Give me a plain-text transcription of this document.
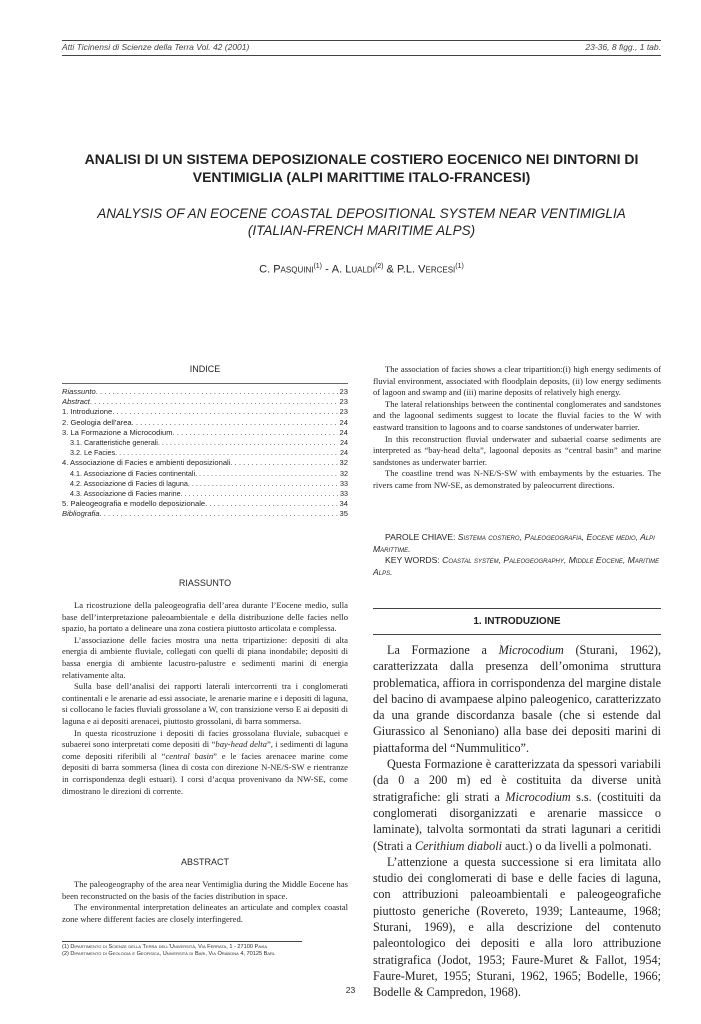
Atti Ticinensi di Scienze della Terra Vol. 42 (2001)	23-36, 8 figg., 1 tab.
ANALISI DI UN SISTEMA DEPOSIZIONALE COSTIERO EOCENICO NEI DINTORNI DI
VENTIMIGLIA (ALPI MARITTIME ITALO-FRANCESI)
ANALYSIS OF AN EOCENE COASTAL DEPOSITIONAL SYSTEM NEAR VENTIMIGLIA
(ITALIAN-FRENCH MARITIME ALPS)
C. Pasquini$^{(1)}$ - A. Lualdi$^{(2)}$ & P.L. Vercesi$^{(1)}$
INDICE
Riassunto . . .	23
Abstract . . .	23
1. Introduzione . . .	23
2. Geologia dell’area . . .	24
3. La Formazione a Microcodium . . .	24
3.1. Caratteristiche generali . . .	24
3.2. Le Facies . . .	24
4. Associazione di Facies e ambienti deposizionali . . .	32
4.1. Associazione di Facies continentali . . .	32
4.2. Associazione di Facies di laguna . . .	33
4.3. Associazione di Facies marine . . .	33
5. Paleogeografia e modello deposizionale . . .	34
Bibliografia . . .	35
RIASSUNTO

La ricostruzione della paleogeografia dell’area durante l’Eocene medio, sulla base dell’interpretazione paleoambientale e della distribuzione delle facies nello spazio, ha portato a delineare una zona costiera piuttosto articolata e complessa.

L’associazione delle facies mostra una netta tripartizione: depositi di alta energia di ambiente fluviale, collegati con quelli di piana inondabile; depositi di bassa energia di ambiente lacustro-palustre e sedimenti marini di energia relativamente alta.

Sulla base dell’analisi dei rapporti laterali intercorrenti tra i conglomerati continentali e le arenarie ad essi associate, le arenarie marine e i depositi di laguna, si collocano le facies fluviali grossolane a W, con transizione verso E ai depositi di laguna e ai depositi arenacei, piuttosto grossolani, di barra sommersa.

In questa ricostruzione i depositi di facies grossolana fluviale, subacquei e subaerei sono interpretati come depositi di “bay-head delta”, i sedimenti di laguna come depositi riferibili al “central basin” e le facies arenacee marine come depositi di barra sommersa (linea di costa con direzione N-NE/S-SW e rientranze in corrispondenza degli estuari). I corsi d’acqua provenivano da NW-SE, come dimostrano le direzioni di corrente.

ABSTRACT

The paleogeography of the area near Ventimiglia during the Middle Eocene has been reconstructed on the basis of the facies distribution in space.

The environmental interpretation delineates an articulate and complex coastal zone where different facies are closely interfingered.

(1) Dipartimento di Scienze della Terra dell’Università, Via Ferrata, 1 - 27100 Pavia
(2) Dipartimento di Geologia e Geofisica, Università di Bari, Via Orabona 4, 70125 Bari.

The association of facies shows a clear tripartition:(i) high energy sediments of fluvial environment, associated with floodplain deposits, (ii) low energy sediments of lagoon and swamp and (iii) marine deposits of relatively high energy.

The lateral relationships between the continental conglomerates and sandstones and the lagoonal sediments suggest to locate the fluvial facies to the W with eastward transition to lagoons and to coarse sandstones of underwater barrier.

In this reconstruction fluvial underwater and subaerial coarse sediments are interpreted as “bay-head delta”, lagoonal deposits as “central basin” and marine sandstones as underwater barrier.

The coastline trend was N-NE/S-SW with embayments by the estuaries. The rivers came from NW-SE, as demonstrated by paleocurrent directions.

PAROLE CHIAVE: Sistema costiero, Paleogeografia, Eocene medio, Alpi Marittime.
KEY WORDS: Coastal system, Paleogeography, Middle Eocene, Maritime Alps.
1. INTRODUZIONE

La Formazione a Microcodium (Sturani, 1962), caratterizzata dalla presenza dell’omonima struttura problematica, affiora in corrispondenza del margine distale del bacino di avampaese alpino paleogenico, caratterizzato da una grande discordanza basale (che si estende dal Giurassico al Senoniano) alla base dei depositi marini di piattaforma del “Nummulitico”.

Questa Formazione è caratterizzata da spessori variabili (da 0 a 200 m) ed è costituita da diverse unità stratigrafiche: gli strati a Microcodium s.s. (costituiti da conglomerati disorganizzati e arenarie massicce o laminate), talvolta sormontati da strati lagunari a ceritidi (Strati a Cerithium diaboli auct.) o da livelli a polmonati.

L’attenzione a questa successione si era limitata allo studio dei conglomerati di base e delle facies di laguna, con attribuzioni paleoambientali e paleogeografiche piuttosto generiche (Rovereto, 1939; Lanteaume, 1968; Sturani, 1969), e alla descrizione del contenuto paleontologico dei depositi e alla loro attribuzione stratigrafica (Jodot, 1953; Faure-Muret & Fallot, 1954; Faure-Muret, 1955; Sturani, 1962, 1965; Bodelle, 1966; Bodelle & Campredon, 1968).

23
